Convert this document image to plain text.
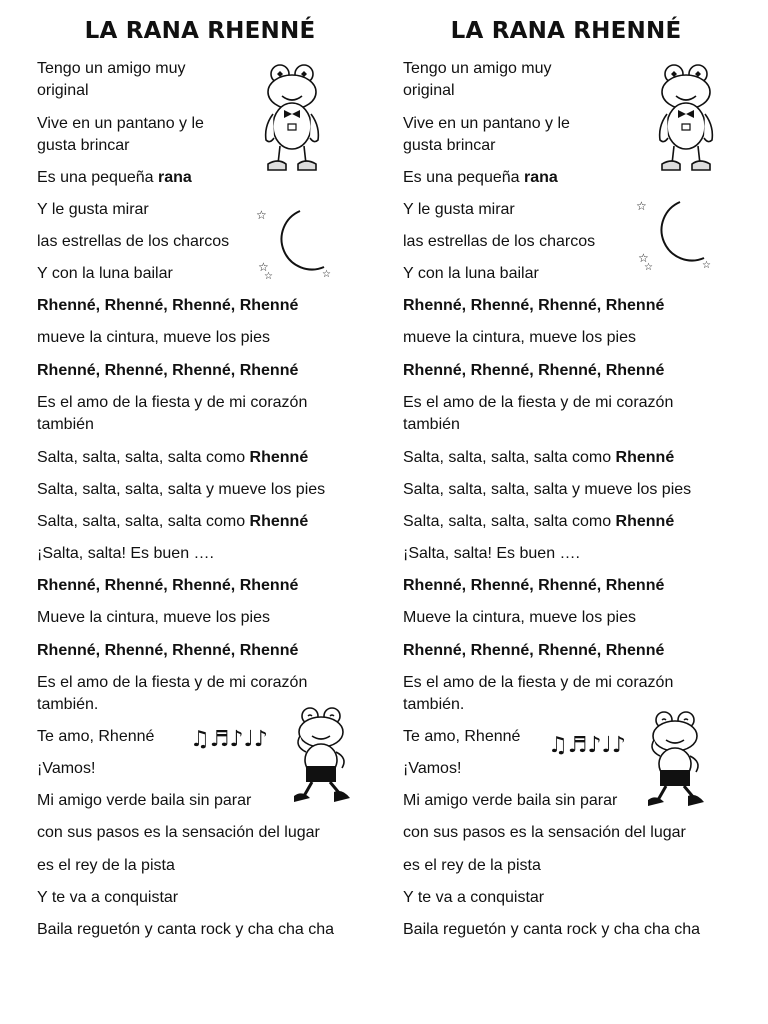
LA RANA RHENNÉ
Tengo un amigo muy
original
Vive en un pantano y le
gusta brincar
Es una pequeña rana
Y le gusta mirar
las estrellas de los charcos
Y con la luna bailar
Rhenné, Rhenné, Rhenné, Rhenné
mueve la cintura, mueve los pies
Rhenné, Rhenné, Rhenné, Rhenné
Es el amo de la fiesta y de mi corazón
también
Salta, salta, salta, salta como Rhenné
Salta, salta, salta, salta y mueve los pies
Salta, salta, salta, salta como Rhenné
¡Salta, salta! Es buen ….
Rhenné, Rhenné, Rhenné, Rhenné
Mueve la cintura, mueve los pies
Rhenné, Rhenné, Rhenné, Rhenné
Es el amo de la fiesta y de mi corazón
también.
Te amo, Rhenné
¡Vamos!
Mi amigo verde baila sin parar
con sus pasos es la sensación del lugar
es el rey de la pista
Y te va a conquistar
Baila reguetón y canta rock y cha cha cha
☆
☆
☆	☆
♫♬♪♩♪
LA RANA RHENNÉ
Tengo un amigo muy
original
Vive en un pantano y le
gusta brincar
Es una pequeña rana
Y le gusta mirar
las estrellas de los charcos
Y con la luna bailar
Rhenné, Rhenné, Rhenné, Rhenné
mueve la cintura, mueve los pies
Rhenné, Rhenné, Rhenné, Rhenné
Es el amo de la fiesta y de mi corazón
también
Salta, salta, salta, salta como Rhenné
Salta, salta, salta, salta y mueve los pies
Salta, salta, salta, salta como Rhenné
¡Salta, salta! Es buen ….
Rhenné, Rhenné, Rhenné, Rhenné
Mueve la cintura, mueve los pies
Rhenné, Rhenné, Rhenné, Rhenné
Es el amo de la fiesta y de mi corazón
también.
Te amo, Rhenné
¡Vamos!
Mi amigo verde baila sin parar
con sus pasos es la sensación del lugar
es el rey de la pista
Y te va a conquistar
Baila reguetón y canta rock y cha cha cha
☆
☆
☆	☆
♫♬♪♩♪
